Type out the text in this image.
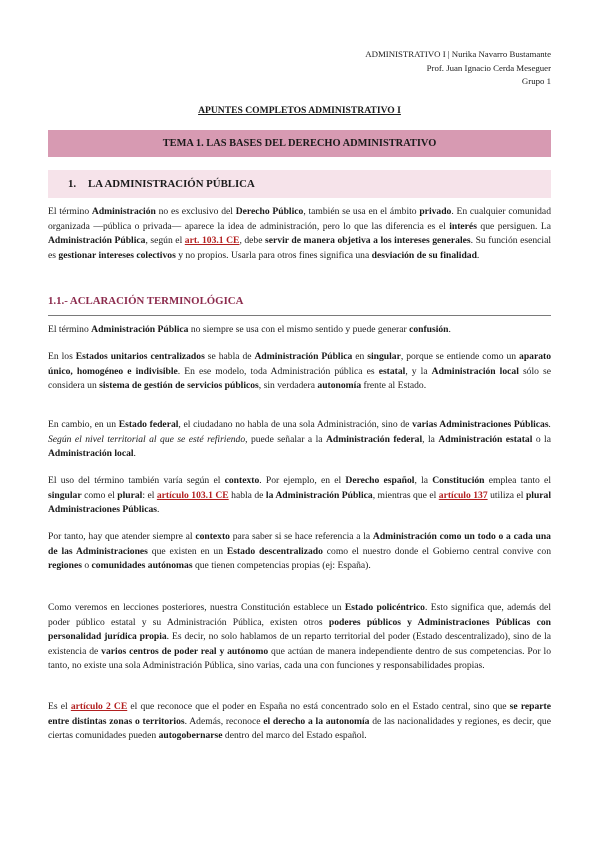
ADMINISTRATIVO I | Nurika Navarro Bustamante
Prof. Juan Ignacio Cerda Meseguer
Grupo 1
APUNTES COMPLETOS ADMINISTRATIVO I
TEMA 1. LAS BASES DEL DERECHO ADMINISTRATIVO
1. LA ADMINISTRACIÓN PÚBLICA

El término Administración no es exclusivo del Derecho Público, también se usa en el ámbito privado. En cualquier comunidad organizada —pública o privada— aparece la idea de administración, pero lo que las diferencia es el interés que persiguen. La Administración Pública, según el art. 103.1 CE, debe servir de manera objetiva a los intereses generales. Su función esencial es gestionar intereses colectivos y no propios. Usarla para otros fines significa una desviación de su finalidad.

1.1.- ACLARACIÓN TERMINOLÓGICA

El término Administración Pública no siempre se usa con el mismo sentido y puede generar confusión.

En los Estados unitarios centralizados se habla de Administración Pública en singular, porque se entiende como un aparato único, homogéneo e indivisible. En ese modelo, toda Administración pública es estatal, y la Administración local sólo se considera un sistema de gestión de servicios públicos, sin verdadera autonomía frente al Estado.

En cambio, en un Estado federal, el ciudadano no habla de una sola Administración, sino de varias Administraciones Públicas. Según el nivel territorial al que se esté refiriendo, puede señalar a la Administración federal, la Administración estatal o la Administración local.

El uso del término también varía según el contexto. Por ejemplo, en el Derecho español, la Constitución emplea tanto el singular como el plural: el artículo 103.1 CE habla de la Administración Pública, mientras que el artículo 137 utiliza el plural Administraciones Públicas.

Por tanto, hay que atender siempre al contexto para saber si se hace referencia a la Administración como un todo o a cada una de las Administraciones que existen en un Estado descentralizado como el nuestro donde el Gobierno central convive con regiones o comunidades autónomas que tienen competencias propias (ej: España).

Como veremos en lecciones posteriores, nuestra Constitución establece un Estado policéntrico. Esto significa que, además del poder público estatal y su Administración Pública, existen otros poderes públicos y Administraciones Públicas con personalidad jurídica propia. Es decir, no solo hablamos de un reparto territorial del poder (Estado descentralizado), sino de la existencia de varios centros de poder real y autónomo que actúan de manera independiente dentro de sus competencias. Por lo tanto, no existe una sola Administración Pública, sino varias, cada una con funciones y responsabilidades propias.

Es el artículo 2 CE el que reconoce que el poder en España no está concentrado solo en el Estado central, sino que se reparte entre distintas zonas o territorios. Además, reconoce el derecho a la autonomía de las nacionalidades y regiones, es decir, que ciertas comunidades pueden autogobernarse dentro del marco del Estado español.
